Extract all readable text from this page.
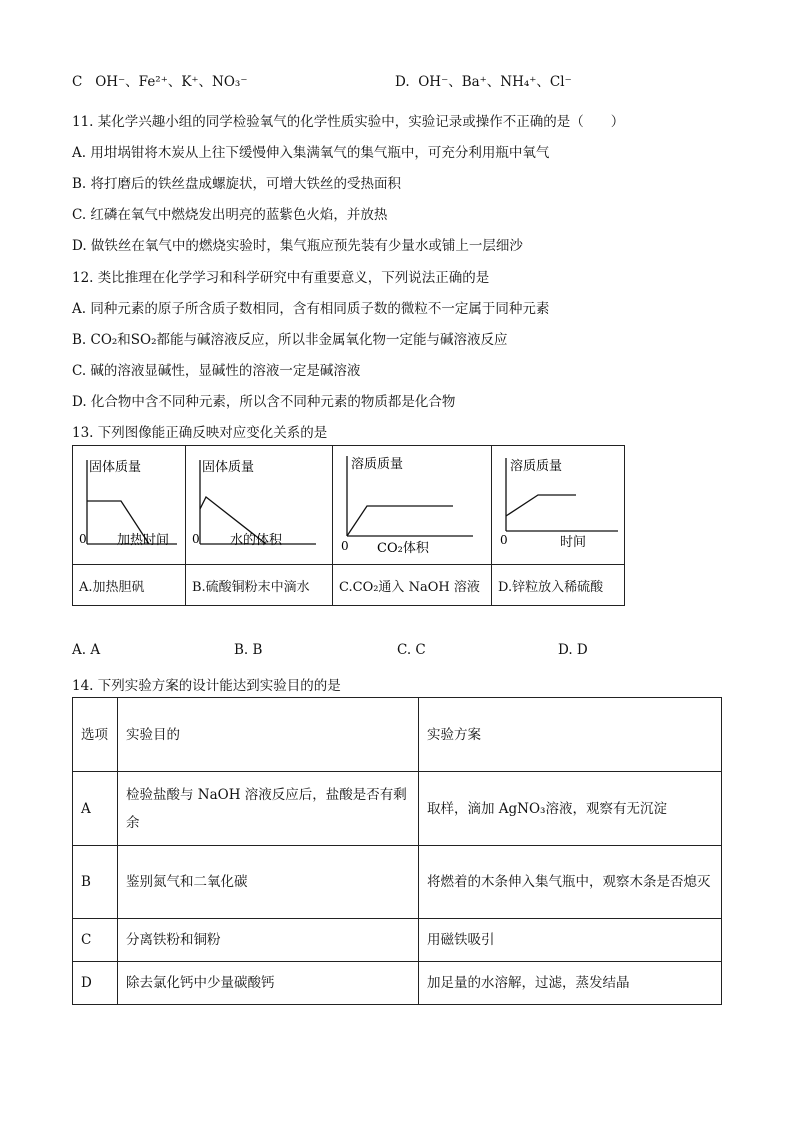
C OH⁻、Fe²⁺、K⁺、NO₃⁻	D. OH⁻、Ba⁺、NH₄⁺、Cl⁻
11. 某化学兴趣小组的同学检验氧气的化学性质实验中，实验记录或操作不正确的是（　　）
A. 用坩埚钳将木炭从上往下缓慢伸入集满氧气的集气瓶中，可充分利用瓶中氧气
B. 将打磨后的铁丝盘成螺旋状，可增大铁丝的受热面积
C. 红磷在氧气中燃烧发出明亮的蓝紫色火焰，并放热
D. 做铁丝在氧气中的燃烧实验时，集气瓶应预先装有少量水或铺上一层细沙
12. 类比推理在化学学习和科学研究中有重要意义，下列说法正确的是
A. 同种元素的原子所含质子数相同，含有相同质子数的微粒不一定属于同种元素
B. CO₂和SO₂都能与碱溶液反应，所以非金属氧化物一定能与碱溶液反应
C. 碱的溶液显碱性，显碱性的溶液一定是碱溶液
D. 化合物中含不同种元素，所以含不同种元素的物质都是化合物
13. 下列图像能正确反映对应变化关系的是
固体质量
0 加热时间	固体质量
0 水的体积	溶质质量
0 CO₂体积	溶质质量
0 时间

A.加热胆矾	B.硫酸铜粉末中滴水	C.CO₂通入 NaOH 溶液	D.锌粒放入稀硫酸
A. A	B. B	C. C	D. D
14. 下列实验方案的设计能达到实验目的的是
选项	实验目的	实验方案
A	检验盐酸与 NaOH 溶液反应后，盐酸是否有剩余	取样，滴加 AgNO₃溶液，观察有无沉淀
B	鉴别氮气和二氧化碳	将燃着的木条伸入集气瓶中，观察木条是否熄灭
C	分离铁粉和铜粉	用磁铁吸引
D	除去氯化钙中少量碳酸钙	加足量的水溶解，过滤，蒸发结晶
